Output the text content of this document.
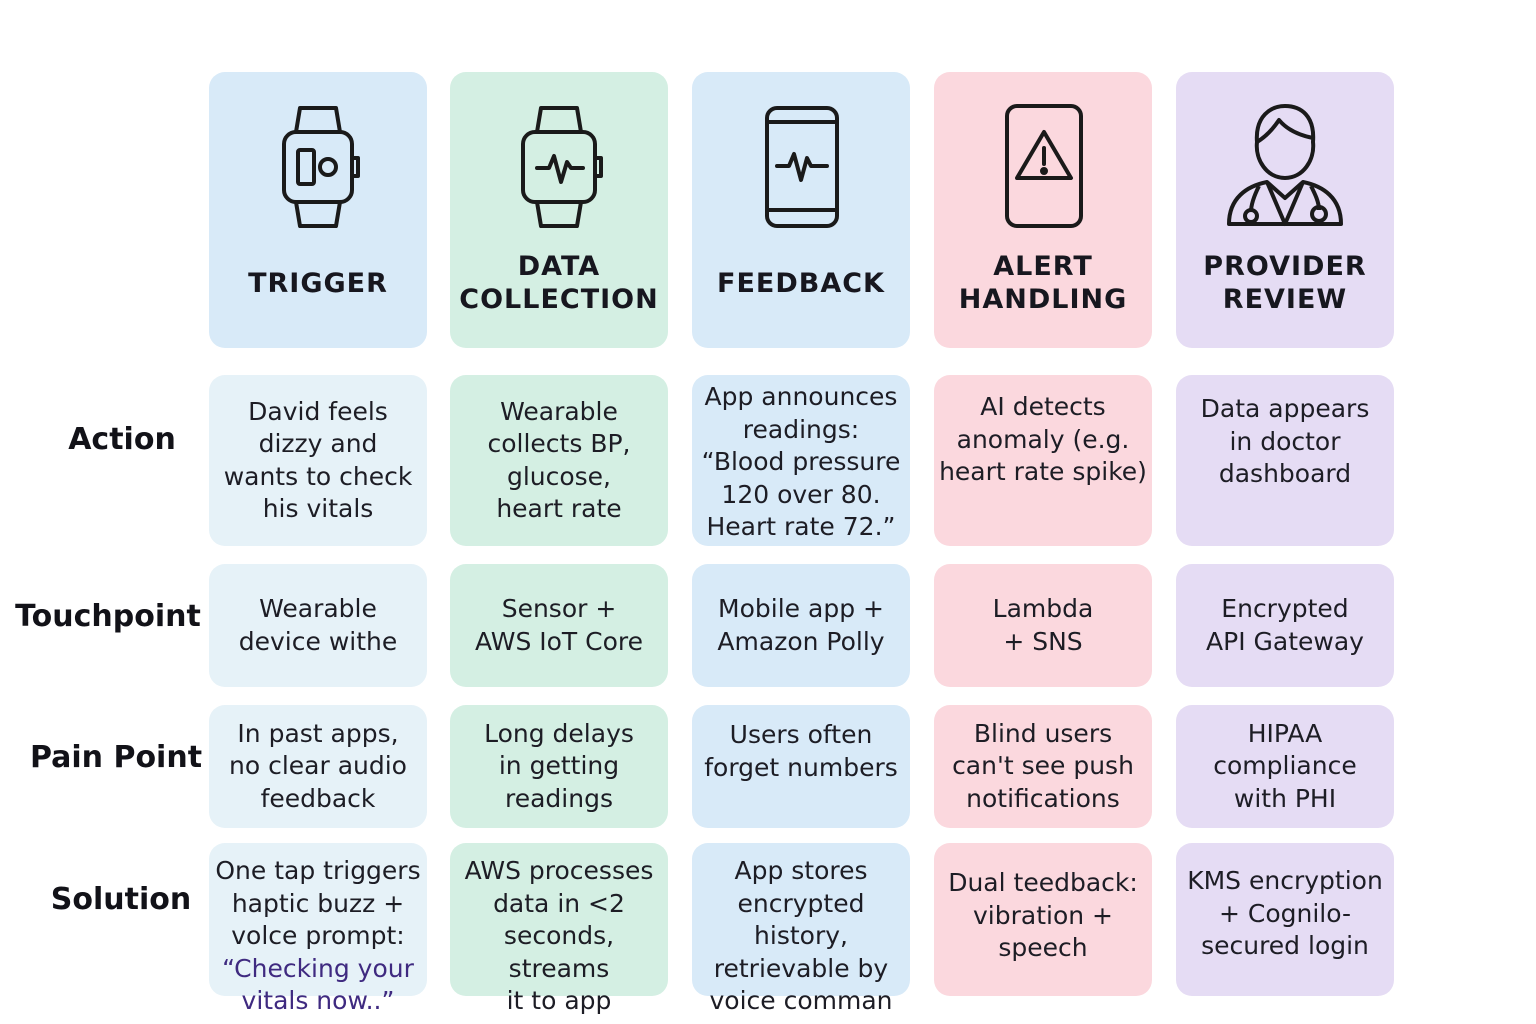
TRIGGER
DATA
COLLECTION
FEEDBACK
ALERT
HANDLING
PROVIDER
REVIEW
Action
Touchpoint
Pain Point
Solution
David feels
dizzy and
wants to check
his vitals
Wearable
collects BP,
glucose,
heart rate
App announces
readings:
“Blood pressure
120 over 80.
Heart rate 72.”
AI detects
anomaly (e.g.
heart rate spike)
Data appears
in doctor
dashboard
Wearable
device withe
Sensor +
AWS IoT Core
Mobile app +
Amazon Polly
Lambda
+ SNS
Encrypted
API Gateway
In past apps,
no clear audio
feedback
Long delays
in getting
readings
Users often
forget numbers
Blind users
can't see push
notifications
HIPAA
compliance
with PHI
One tap triggers
haptic buzz +
volce prompt:
“Checking your
vitals now..”
AWS processes
data in <2
seconds, streams
it to app
App stores
encrypted history,
retrievable by
voice comman
Dual teedback:
vibration +
speech
KMS encryption
+ Cognilo-
secured login
